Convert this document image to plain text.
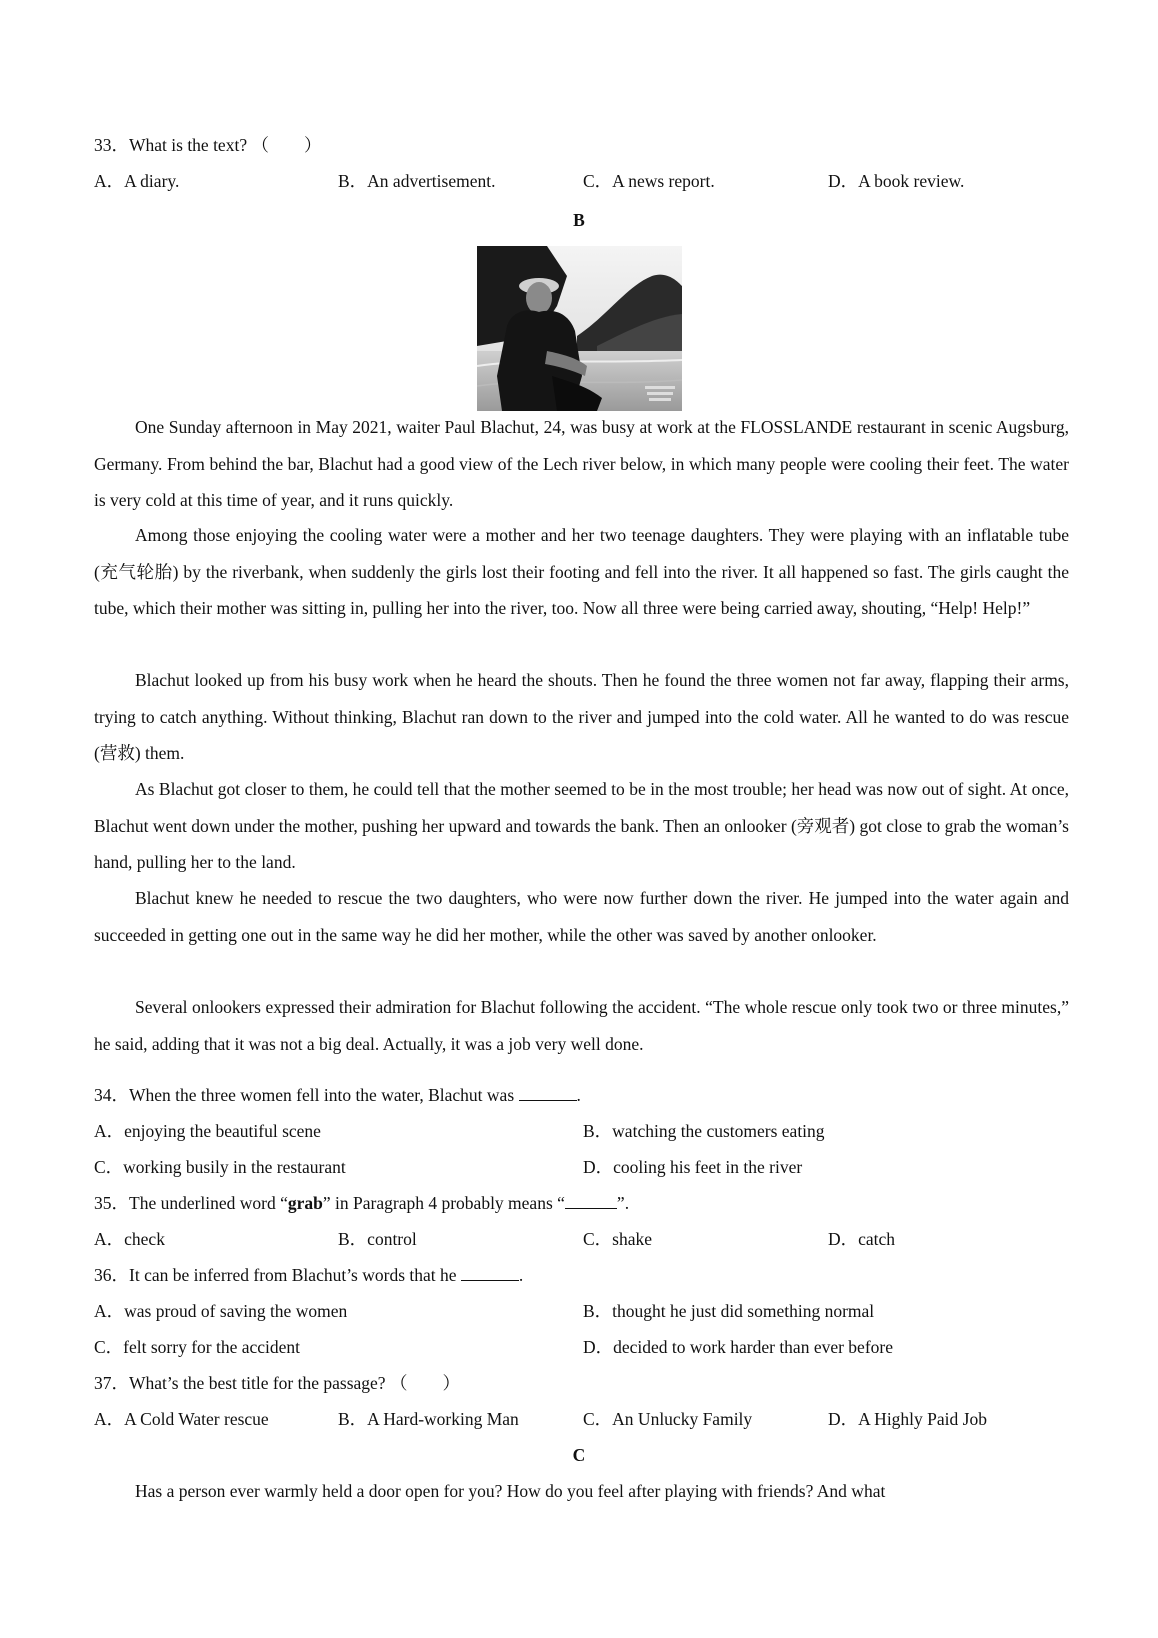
33．What is the text? （　　）
A．A diary.	B．An advertisement.	C．A news report.	D．A book review.
B
One Sunday afternoon in May 2021, waiter Paul Blachut, 24, was busy at work at the FLOSSLANDE restaurant in scenic Augsburg, Germany. From behind the bar, Blachut had a good view of the Lech river below, in which many people were cooling their feet. The water is very cold at this time of year, and it runs quickly.
Among those enjoying the cooling water were a mother and her two teenage daughters. They were playing with an inflatable tube (充气轮胎) by the riverbank, when suddenly the girls lost their footing and fell into the river. It all happened so fast. The girls caught the tube, which their mother was sitting in, pulling her into the river, too. Now all three were being carried away, shouting, “Help! Help!”
Blachut looked up from his busy work when he heard the shouts. Then he found the three women not far away, flapping their arms, trying to catch anything. Without thinking, Blachut ran down to the river and jumped into the cold water. All he wanted to do was rescue (营救) them.
As Blachut got closer to them, he could tell that the mother seemed to be in the most trouble; her head was now out of sight. At once, Blachut went down under the mother, pushing her upward and towards the bank. Then an onlooker (旁观者) got close to grab the woman’s hand, pulling her to the land.
Blachut knew he needed to rescue the two daughters, who were now further down the river. He jumped into the water again and succeeded in getting one out in the same way he did her mother, while the other was saved by another onlooker.
Several onlookers expressed their admiration for Blachut following the accident. “The whole rescue only took two or three minutes,” he said, adding that it was not a big deal. Actually, it was a job very well done.
34．When the three women fell into the water, Blachut was	.
A．enjoying the beautiful scene	B．watching the customers eating
C．working busily in the restaurant	D．cooling his feet in the river
35．The underlined word “grab” in Paragraph 4 probably means “	”.
A．check	B．control	C．shake	D．catch
36．It can be inferred from Blachut’s words that he	.
A．was proud of saving the women	B．thought he just did something normal
C．felt sorry for the accident	D．decided to work harder than ever before
37．What’s the best title for the passage? （　　）
A．A Cold Water rescue	B．A Hard-working Man	C．An Unlucky Family	D．A Highly Paid Job
C
Has a person ever warmly held a door open for you? How do you feel after playing with friends? And what
